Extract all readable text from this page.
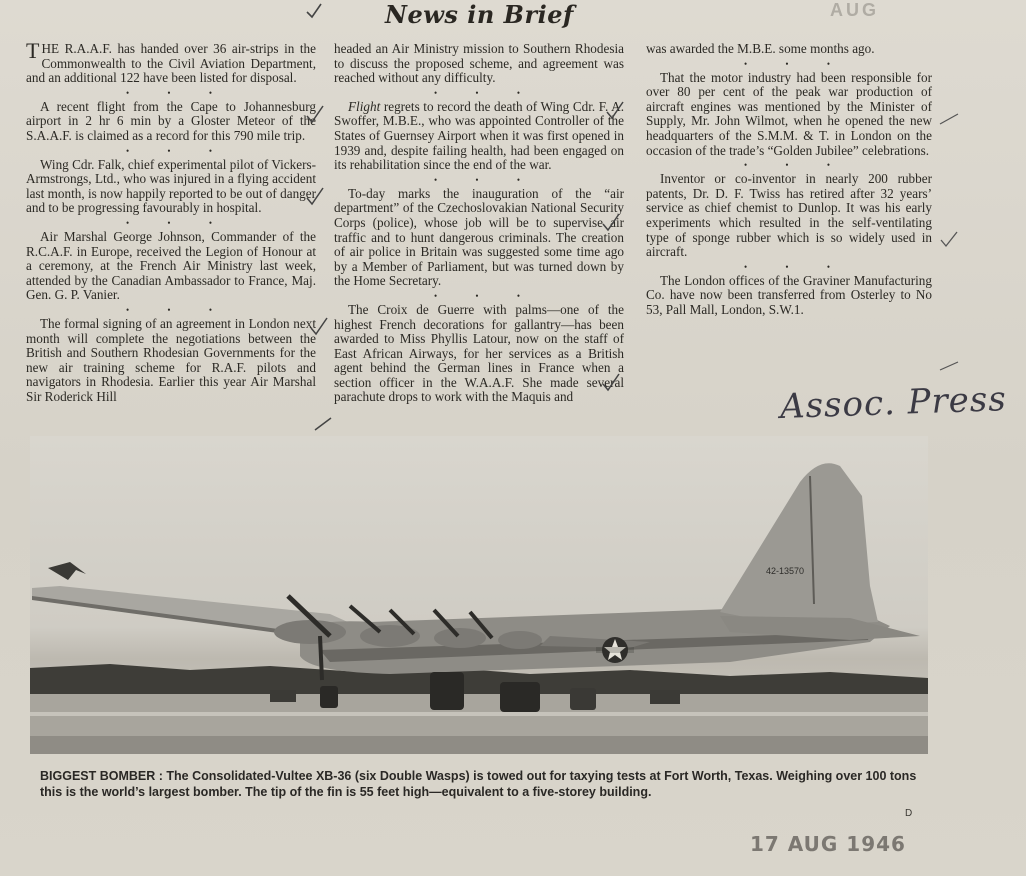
News in Brief	AUG

THE R.A.A.F. has handed over 36 air-strips in the Commonwealth to the Civil Aviation Department, and an additional 122 have been listed for disposal.

• • •

A recent flight from the Cape to Johannesburg airport in 2 hr 6 min by a Gloster Meteor of the S.A.A.F. is claimed as a record for this 790 mile trip.

• • •

Wing Cdr. Falk, chief experimental pilot of Vickers-Armstrongs, Ltd., who was injured in a flying accident last month, is now happily reported to be out of danger and to be progressing favourably in hospital.

• • •

Air Marshal George Johnson, Commander of the R.C.A.F. in Europe, received the Legion of Honour at a ceremony, at the French Air Ministry last week, attended by the Canadian Ambassador to France, Maj. Gen. G. P. Vanier.

• • •

The formal signing of an agreement in London next month will complete the negotiations between the British and Southern Rhodesian Governments for the new air training scheme for R.A.F. pilots and navigators in Rhodesia. Earlier this year Air Marshal Sir Roderick Hill

headed an Air Ministry mission to Southern Rhodesia to discuss the proposed scheme, and agreement was reached without any difficulty.

• • •

Flight regrets to record the death of Wing Cdr. F. A. Swoffer, M.B.E., who was appointed Controller of the States of Guernsey Airport when it was first opened in 1939 and, despite failing health, had been engaged on its rehabilitation since the end of the war.

• • •

To-day marks the inauguration of the “air department” of the Czechoslovakian National Security Corps (police), whose job will be to supervise air traffic and to hunt dangerous criminals. The creation of air police in Britain was suggested some time ago by a Member of Parliament, but was turned down by the Home Secretary.

• • •

The Croix de Guerre with palms—one of the highest French decorations for gallantry—has been awarded to Miss Phyllis Latour, now on the staff of East African Airways, for her services as a British agent behind the German lines in France when a section officer in the W.A.A.F. She made several parachute drops to work with the Maquis and

was awarded the M.B.E. some months ago.

• • •

That the motor industry had been responsible for over 80 per cent of the peak war production of aircraft engines was mentioned by the Minister of Supply, Mr. John Wilmot, when he opened the new headquarters of the S.M.M. & T. in London on the occasion of the trade’s “Golden Jubilee” celebrations.

• • •

Inventor or co-inventor in nearly 200 rubber patents, Dr. D. F. Twiss has retired after 32 years’ service as chief chemist to Dunlop. It was his early experiments which resulted in the self-ventilating type of sponge rubber which is so widely used in aircraft.

• • •

The London offices of the Graviner Manufacturing Co. have now been transferred from Osterley to No 53, Pall Mall, London, S.W.1.

Assoc. Press
42-13570
BIGGEST BOMBER : The Consolidated-Vultee XB-36 (six Double Wasps) is towed out for taxying tests at Fort Worth, Texas. Weighing over 100 tons this is the world’s largest bomber. The tip of the fin is 55 feet high—equivalent to a five-storey building.
D
17 AUG 1946
